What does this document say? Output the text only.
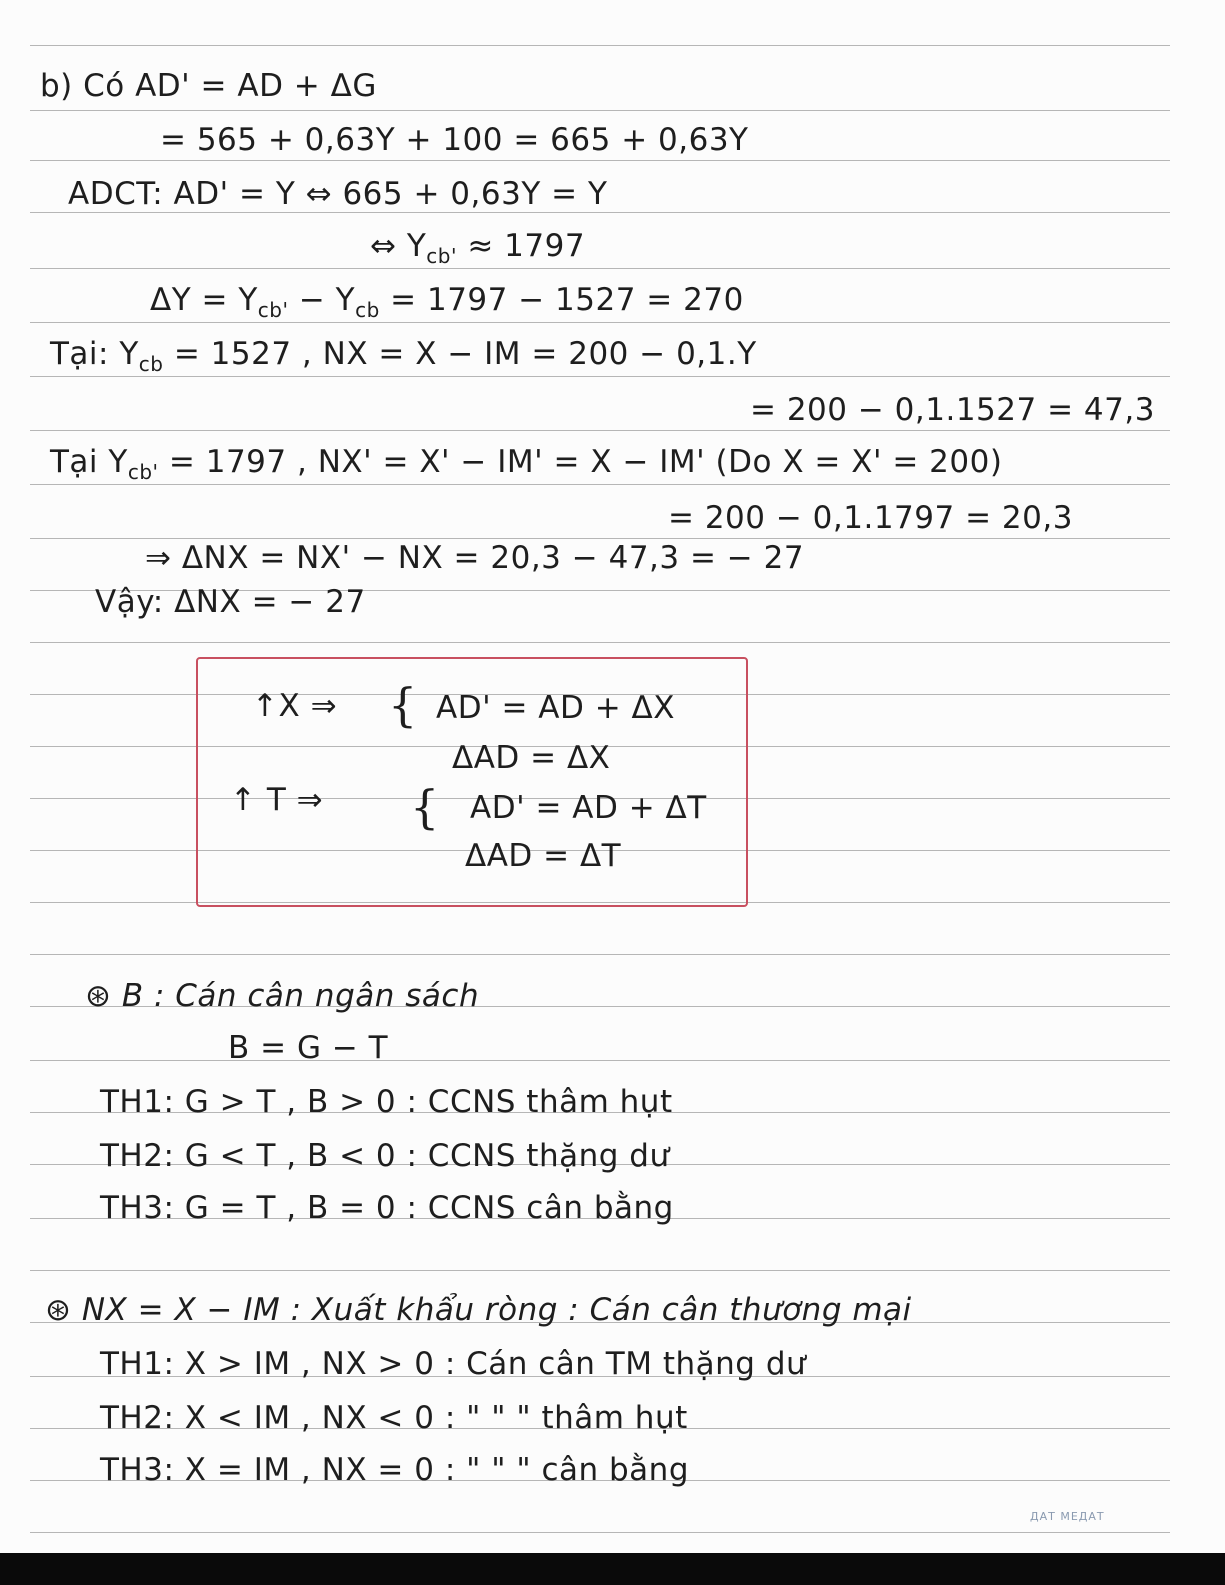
b) Có AD' = AD + ΔG
= 565 + 0,63Y + 100 = 665 + 0,63Y
ADCT: AD' = Y ⇔ 665 + 0,63Y = Y
⇔ $Y_{cb'} \approx 1797$
$\Delta Y = Y_{cb'} - Y_{cb} = 1797 - 1527 = 270$
Tại: $Y_{cb} = 1527$ , NX = X − IM = 200 − 0,1.Y
= 200 − 0,1.1527 = 47,3
Tại $Y_{cb'} = 1797$ , NX' = X' − IM' = X − IM' (Do X = X' = 200)
= 200 − 0,1.1797 = 20,3
⇒ ΔNX = NX' − NX = 20,3 − 47,3 = − 27
Vậy: ΔNX = − 27
↑X ⇒ { AD' = AD + ΔX
ΔAD = ΔX
↑ T ⇒ { AD' = AD + ΔT
ΔAD = ΔT
⊛ B : Cán cân ngân sách
B = G − T
TH1: G > T , B > 0 : CCNS thâm hụt
TH2: G < T , B < 0 : CCNS thặng dư
TH3: G = T , B = 0 : CCNS cân bằng
⊛ NX = X − IM : Xuất khẩu ròng : Cán cân thương mại
TH1: X > IM , NX > 0 : Cán cân TM thặng dư
TH2: X < IM , NX < 0 : " " " thâm hụt
TH3: X = IM , NX = 0 : " " " cân bằng
ДАТ МЕДАТ
